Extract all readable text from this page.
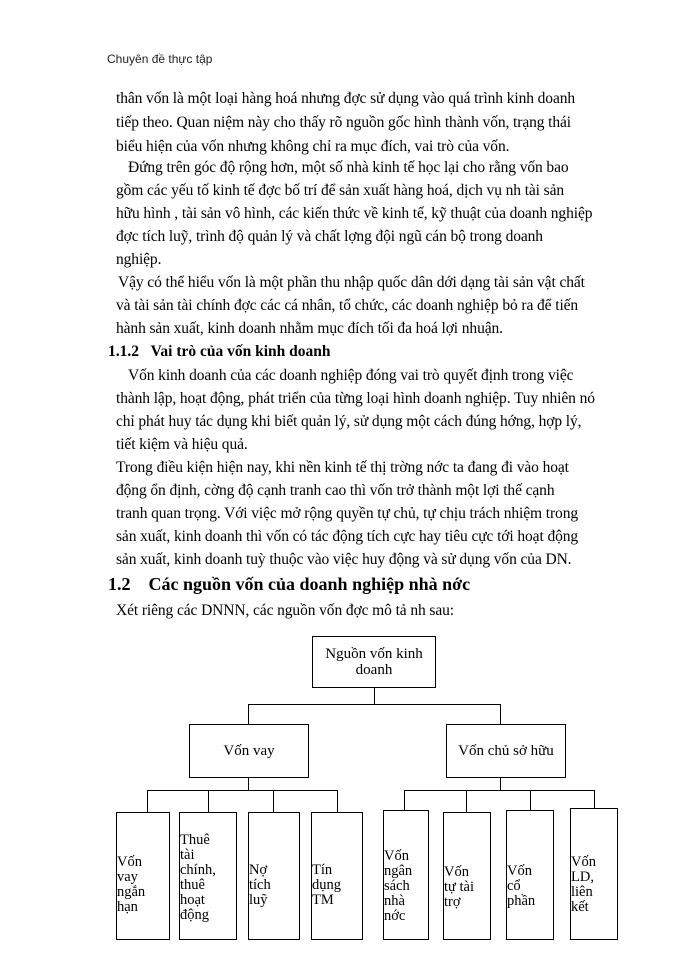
Chuyên đề thực tập
thân vốn là một loại hàng hoá nhưng đợc sử dụng vào quá trình kinh doanh
tiếp theo. Quan niệm này cho thấy rõ nguồn gốc hình thành vốn, trạng thái
biểu hiện của vốn nhưng không chỉ ra mục đích, vai trò của vốn.
Đứng trên góc độ rộng hơn, một số nhà kinh tế học lại cho rằng vốn bao
gồm các yếu tố kinh tế đợc bố trí để sản xuất hàng hoá, dịch vụ nh tài sản
hữu hình , tài sản vô hình, các kiến thức về kinh tế, kỹ thuật của doanh nghiệp
đợc tích luỹ, trình độ quản lý và chất lợng đội ngũ cán bộ trong doanh
nghiệp.
Vậy có thể hiểu vốn là một phần thu nhập quốc dân dới dạng tài sản vật chất
và tài sản tài chính đợc các cá nhân, tổ chức, các doanh nghiệp bỏ ra để tiến
hành sản xuất, kinh doanh nhằm mục đích tối đa hoá lợi nhuận.
1.1.2 Vai trò của vốn kinh doanh
Vốn kinh doanh của các doanh nghiệp đóng vai trò quyết định trong việc
thành lập, hoạt động, phát triển của từng loại hình doanh nghiệp. Tuy nhiên nó
chỉ phát huy tác dụng khi biết quản lý, sử dụng một cách đúng hớng, hợp lý,
tiết kiệm và hiệu quả.
Trong điều kiện hiện nay, khi nền kinh tế thị trờng nớc ta đang đi vào hoạt
động ổn định, cờng độ cạnh tranh cao thì vốn trở thành một lợi thế cạnh
tranh quan trọng. Với việc mở rộng quyền tự chủ, tự chịu trách nhiệm trong
sản xuất, kinh doanh thì vốn có tác động tích cực hay tiêu cực tới hoạt động
sản xuất, kinh doanh tuỳ thuộc vào việc huy động và sử dụng vốn của DN.
1.2 Các nguồn vốn của doanh nghiệp nhà nớc
Xét riêng các DNNN, các nguồn vốn đợc mô tả nh sau:
Nguồn vốn kinh
doanh
Vốn vay	Vốn chủ sở hữu
Vốn
vay
ngắn
hạn
Thuê
tài
chính,
thuê
hoạt
động
Nợ
tích
luỹ
Tín
dụng
TM
Vốn
ngân
sách
nhà
nớc
Vốn
tự tài
trợ
Vốn
cổ
phần
Vốn
LD,
liên
kết
